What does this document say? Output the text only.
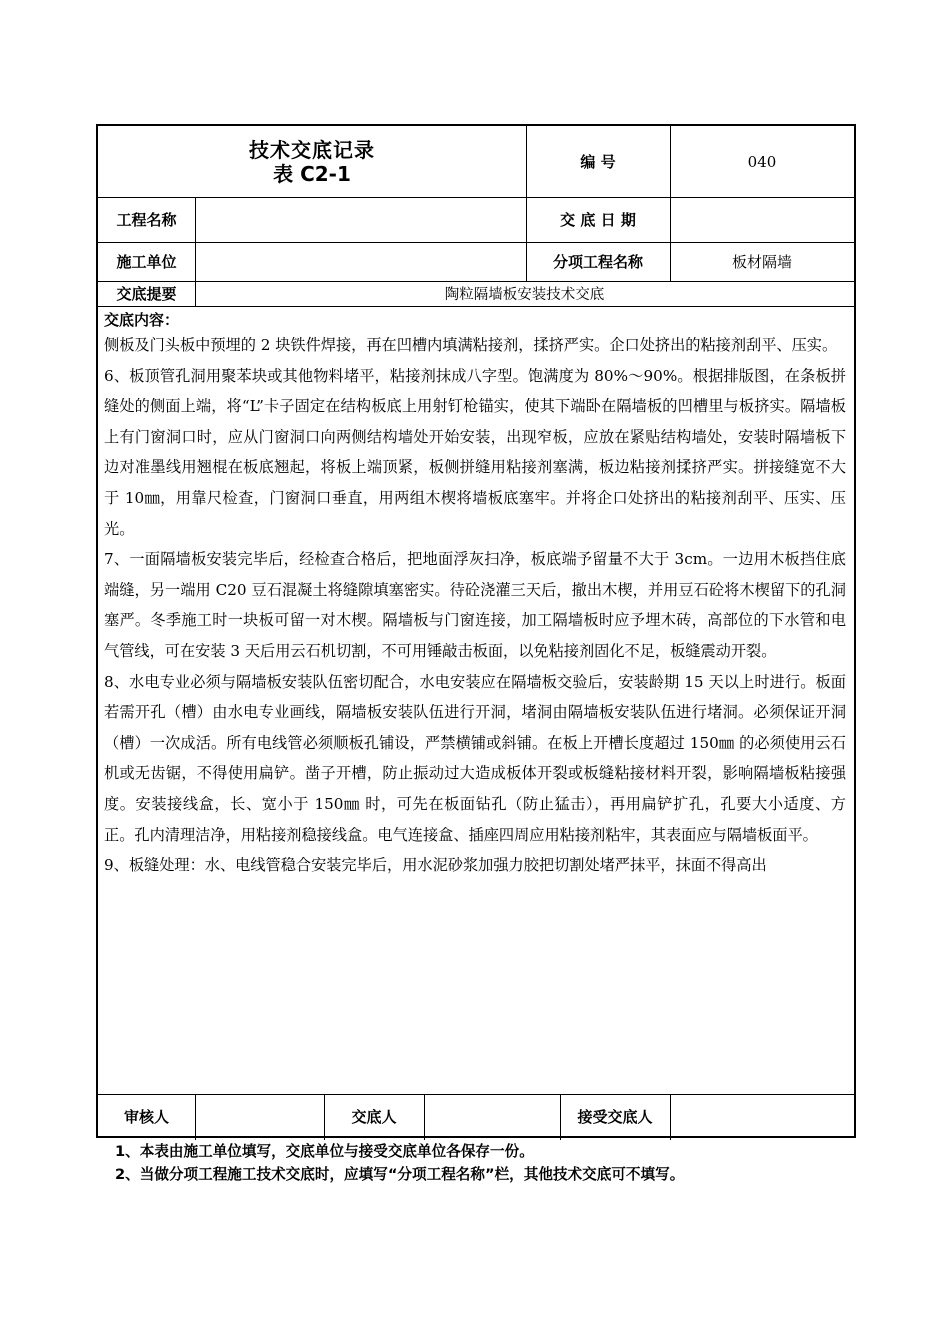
技术交底记录
表 C2-1	编 号	040
工程名称	交 底 日 期
施工单位	分项工程名称	板材隔墙
交底提要	陶粒隔墙板安装技术交底
交底内容：
侧板及门头板中预埋的 2 块铁件焊接，再在凹槽内填满粘接剂，揉挤严实。企口处挤出的粘接剂刮平、压实。
6、板顶管孔洞用聚苯块或其他物料堵平，粘接剂抹成八字型。饱满度为 80%～90%。根据排版图，在条板拼缝处的侧面上端，将“L”卡子固定在结构板底上用射钉枪锚实，使其下端卧在隔墙板的凹槽里与板挤实。隔墙板上有门窗洞口时，应从门窗洞口向两侧结构墙处开始安装，出现窄板，应放在紧贴结构墙处，安装时隔墙板下边对准墨线用翘棍在板底翘起，将板上端顶紧，板侧拼缝用粘接剂塞满，板边粘接剂揉挤严实。拼接缝宽不大于 10㎜，用靠尺检查，门窗洞口垂直，用两组木楔将墙板底塞牢。并将企口处挤出的粘接剂刮平、压实、压光。
7、一面隔墙板安装完毕后，经检查合格后，把地面浮灰扫净，板底端予留量不大于 3cm。一边用木板挡住底端缝，另一端用 C20 豆石混凝土将缝隙填塞密实。待砼浇灌三天后，撤出木楔，并用豆石砼将木楔留下的孔洞塞严。冬季施工时一块板可留一对木楔。隔墙板与门窗连接，加工隔墙板时应予埋木砖，高部位的下水管和电气管线，可在安装 3 天后用云石机切割，不可用锤敲击板面，以免粘接剂固化不足，板缝震动开裂。
8、水电专业必须与隔墙板安装队伍密切配合，水电安装应在隔墙板交验后，安装龄期 15 天以上时进行。板面若需开孔（槽）由水电专业画线，隔墙板安装队伍进行开洞，堵洞由隔墙板安装队伍进行堵洞。必须保证开洞（槽）一次成活。所有电线管必须顺板孔铺设，严禁横铺或斜铺。在板上开槽长度超过 150㎜ 的必须使用云石机或无齿锯，不得使用扁铲。凿子开槽，防止振动过大造成板体开裂或板缝粘接材料开裂，影响隔墙板粘接强度。安装接线盒，长、宽小于 150㎜ 时，可先在板面钻孔（防止猛击），再用扁铲扩孔，孔要大小适度、方正。孔内清理洁净，用粘接剂稳接线盒。电气连接盒、插座四周应用粘接剂粘牢，其表面应与隔墙板面平。
9、板缝处理：水、电线管稳合安装完毕后，用水泥砂浆加强力胶把切割处堵严抹平，抹面不得高出
审核人	交底人	接受交底人
1、本表由施工单位填写，交底单位与接受交底单位各保存一份。
2、当做分项工程施工技术交底时，应填写“分项工程名称”栏，其他技术交底可不填写。
